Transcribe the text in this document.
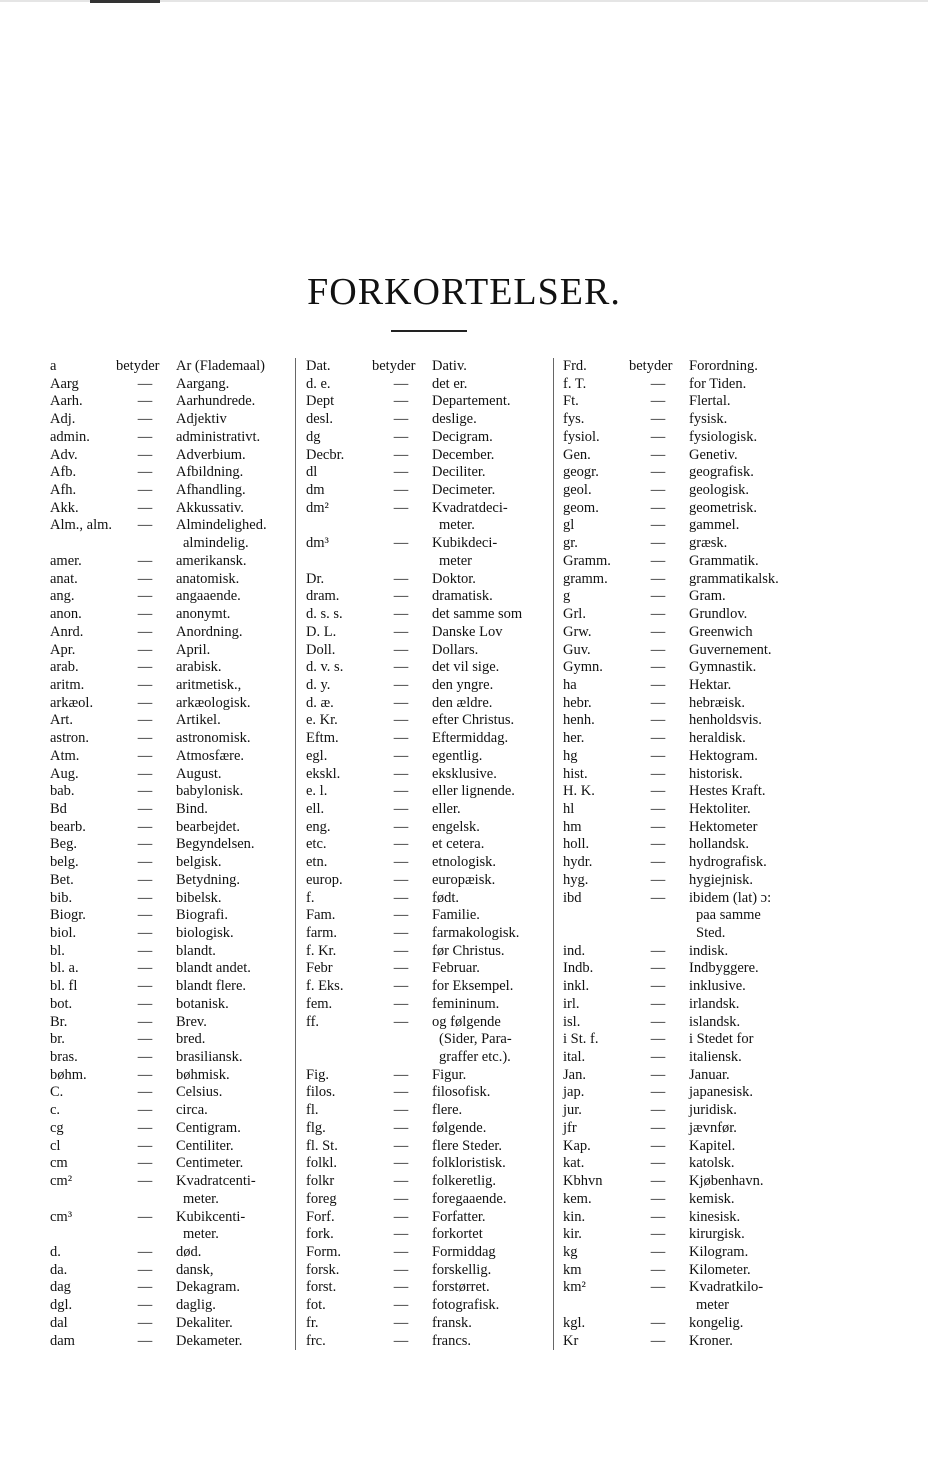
FORKORTELSER.
a	betyder Ar (Flademaal)
Aarg	—	Aargang.
Aarh.	—	Aarhundrede.
Adj.	—	Adjektiv
admin.	—	administrativt.
Adv.	—	Adverbium.
Afb.	—	Afbildning.
Afh.	—	Afhandling.
Akk.	—	Akkussativ.
Alm., alm.	—	Almindelighed.
almindelig.
amer.	—	amerikansk.
anat.	—	anatomisk.
ang.	—	angaaende.
anon.	—	anonymt.
Anrd.	—	Anordning.
Apr.	—	April.
arab.	—	arabisk.
aritm.	—	aritmetisk.,
arkæol.	—	arkæologisk.
Art.	—	Artikel.
astron.	—	astronomisk.
Atm.	—	Atmosfære.
Aug.	—	August.
bab.	—	babylonisk.
Bd	—	Bind.
bearb.	—	bearbejdet.
Beg.	—	Begyndelsen.
belg.	—	belgisk.
Bet.	—	Betydning.
bib.	—	bibelsk.
Biogr.	—	Biografi.
biol.	—	biologisk.
bl.	—	blandt.
bl. a.	—	blandt andet.
bl. fl	—	blandt flere.
bot.	—	botanisk.
Br.	—	Brev.
br.	—	bred.
bras.	—	brasiliansk.
bøhm.	—	bøhmisk.
C.	—	Celsius.
c.	—	circa.
cg	—	Centigram.
cl	—	Centiliter.
cm	—	Centimeter.
cm²	—	Kvadratcenti-
meter.
cm³	—	Kubikcenti-
meter.
d.	—	død.
da.	—	dansk,
dag	—	Dekagram.
dgl.	—	daglig.
dal	—	Dekaliter.
dam	—	Dekameter.
Dat.	betyder Dativ.
d. e.	—	det er.
Dept	—	Departement.
desl.	—	deslige.
dg	—	Decigram.
Decbr.	—	December.
dl	—	Deciliter.
dm	—	Decimeter.
dm²	—	Kvadratdeci-
meter.
dm³	—	Kubikdeci-
meter
Dr.	—	Doktor.
dram.	—	dramatisk.
d. s. s.	—	det samme som
D. L.	—	Danske Lov
Doll.	—	Dollars.
d. v. s.	—	det vil sige.
d. y.	—	den yngre.
d. æ.	—	den ældre.
e. Kr.	—	efter Christus.
Eftm.	—	Eftermiddag.
egl.	—	egentlig.
ekskl.	—	eksklusive.
e. l.	—	eller lignende.
ell.	—	eller.
eng.	—	engelsk.
etc.	—	et cetera.
etn.	—	etnologisk.
europ.	—	europæisk.
f.	—	født.
Fam.	—	Familie.
farm.	—	farmakologisk.
f. Kr.	—	før Christus.
Febr	—	Februar.
f. Eks.	—	for Eksempel.
fem.	—	femininum.
ff.	—	og følgende
(Sider, Para-
graffer etc.).
Fig.	—	Figur.
filos.	—	filosofisk.
fl.	—	flere.
flg.	—	følgende.
fl. St.	—	flere Steder.
folkl.	—	folkloristisk.
folkr	—	folkeretlig.
foreg	—	foregaaende.
Forf.	—	Forfatter.
fork.	—	forkortet
Form.	—	Formiddag
forsk.	—	forskellig.
forst.	—	forstørret.
fot.	—	fotografisk.
fr.	—	fransk.
frc.	—	francs.
Frd.	betyder Forordning.
f. T.	—	for Tiden.
Ft.	—	Flertal.
fys.	—	fysisk.
fysiol.	—	fysiologisk.
Gen.	—	Genetiv.
geogr.	—	geografisk.
geol.	—	geologisk.
geom.	—	geometrisk.
gl	—	gammel.
gr.	—	græsk.
Gramm.	—	Grammatik.
gramm.	—	grammatikalsk.
g	—	Gram.
Grl.	—	Grundlov.
Grw.	—	Greenwich
Guv.	—	Guvernement.
Gymn.	—	Gymnastik.
ha	—	Hektar.
hebr.	—	hebræisk.
henh.	—	henholdsvis.
her.	—	heraldisk.
hg	—	Hektogram.
hist.	—	historisk.
H. K.	—	Hestes Kraft.
hl	—	Hektoliter.
hm	—	Hektometer
holl.	—	hollandsk.
hydr.	—	hydrografisk.
hyg.	—	hygiejnisk.
ibd	—	ibidem (lat) ɔ:
paa samme
Sted.
ind.	—	indisk.
Indb.	—	Indbyggere.
inkl.	—	inklusive.
irl.	—	irlandsk.
isl.	—	islandsk.
i St. f.	—	i Stedet for
ital.	—	italiensk.
Jan.	—	Januar.
jap.	—	japanesisk.
jur.	—	juridisk.
jfr	—	jævnfør.
Kap.	—	Kapitel.
kat.	—	katolsk.
Kbhvn	—	Kjøbenhavn.
kem.	—	kemisk.
kin.	—	kinesisk.
kir.	—	kirurgisk.
kg	—	Kilogram.
km	—	Kilometer.
km²	—	Kvadratkilo-
meter
kgl.	—	kongelig.
Kr	—	Kroner.
